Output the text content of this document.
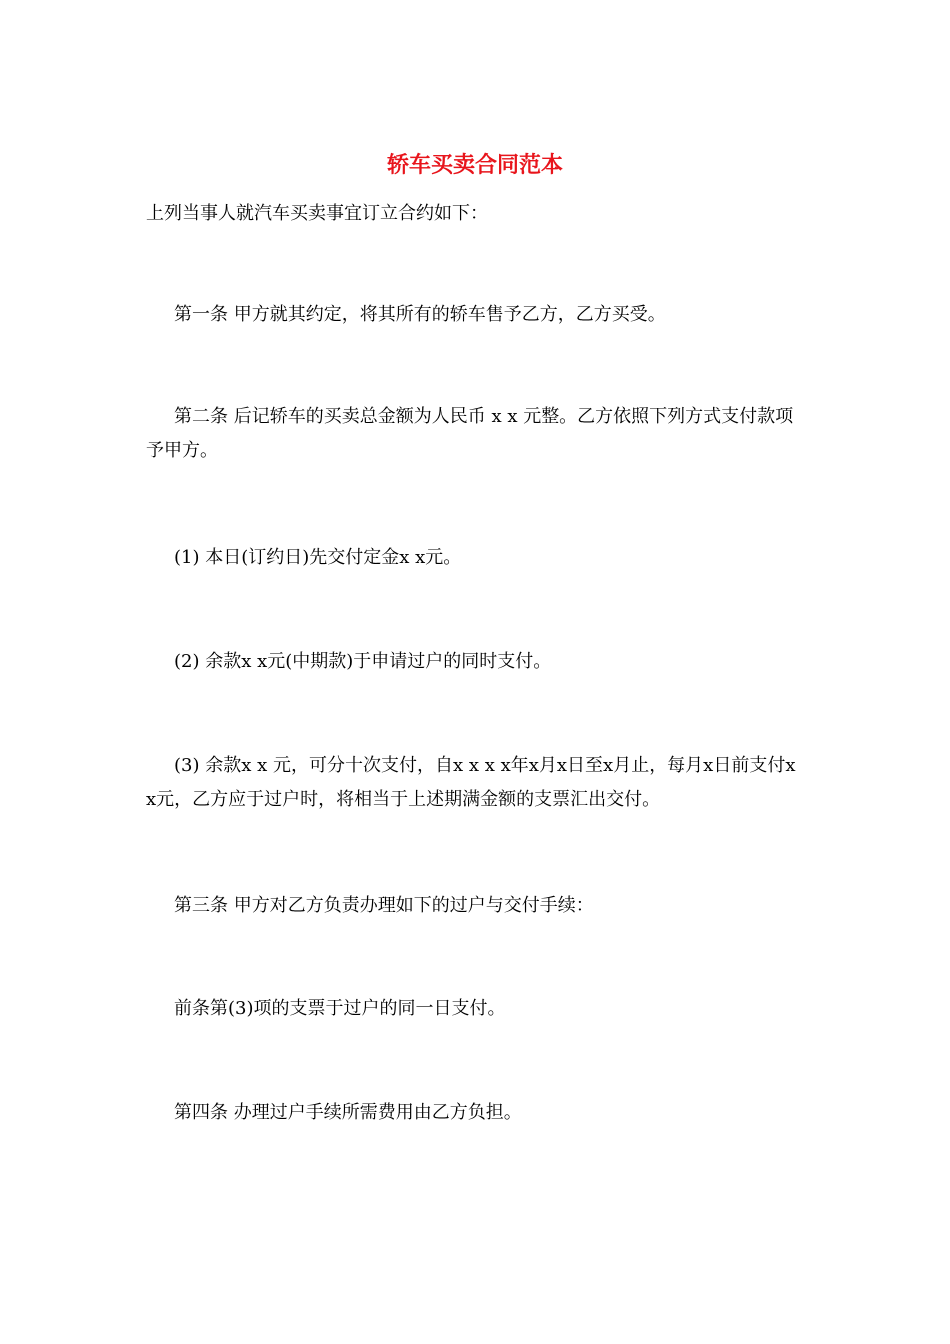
轿车买卖合同范本

上列当事人就汽车买卖事宜订立合约如下：

第一条 甲方就其约定，将其所有的轿车售予乙方，乙方买受。

第二条 后记轿车的买卖总金额为人民币 x x 元整。乙方依照下列方式支付款项予甲方。

(1) 本日(订约日)先交付定金x x元。

(2) 余款x x元(中期款)于申请过户的同时支付。

(3) 余款x x 元，可分十次支付，自x x x x年x月x日至x月止，每月x日前支付x x元，乙方应于过户时，将相当于上述期满金额的支票汇出交付。

第三条 甲方对乙方负责办理如下的过户与交付手续：

前条第(3)项的支票于过户的同一日支付。

第四条 办理过户手续所需费用由乙方负担。
